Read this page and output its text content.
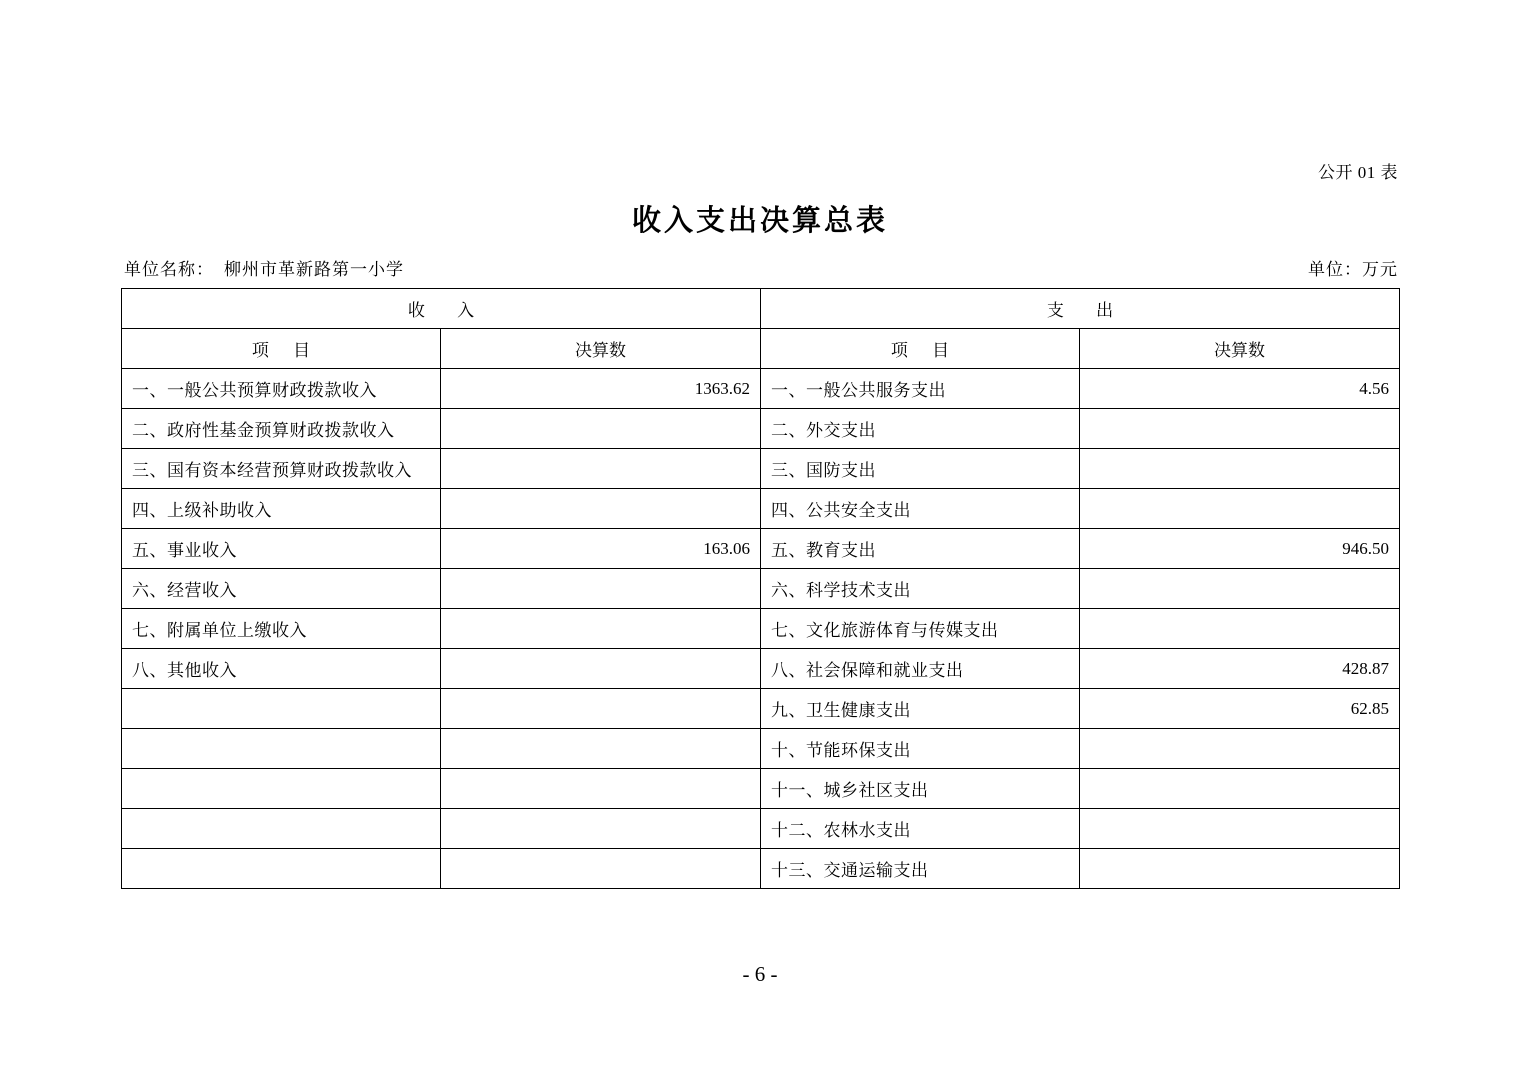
公开 01 表
收入支出决算总表
单位名称： 柳州市革新路第一小学	单位：万元
收 入		支 出	
项 目	决算数	项 目	决算数
一、一般公共预算财政拨款收入	1363.62	一、一般公共服务支出	4.56
二、政府性基金预算财政拨款收入		二、外交支出	
三、国有资本经营预算财政拨款收入		三、国防支出	
四、上级补助收入		四、公共安全支出	
五、事业收入	163.06	五、教育支出	946.50
六、经营收入		六、科学技术支出	
七、附属单位上缴收入		七、文化旅游体育与传媒支出	
八、其他收入		八、社会保障和就业支出	428.87
		九、卫生健康支出	62.85
		十、节能环保支出	
		十一、城乡社区支出	
		十二、农林水支出	
		十三、交通运输支出	
- 6 -
